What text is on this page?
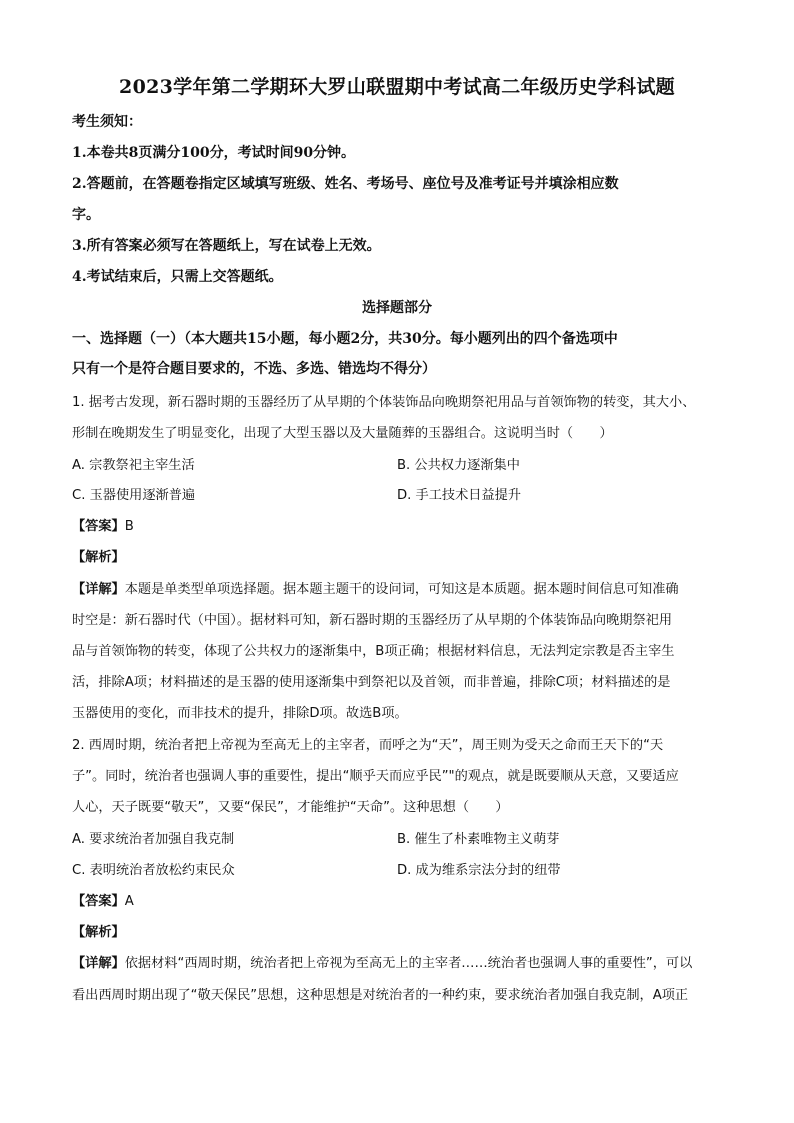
2023学年第二学期环大罗山联盟期中考试高二年级历史学科试题
考生须知：
1.本卷共8页满分100分，考试时间90分钟。
2.答题前，在答题卷指定区域填写班级、姓名、考场号、座位号及准考证号并填涂相应数
字。
3.所有答案必须写在答题纸上，写在试卷上无效。
4.考试结束后，只需上交答题纸。
选择题部分
一、选择题（一）（本大题共15小题，每小题2分，共30分。每小题列出的四个备选项中
只有一个是符合题目要求的，不选、多选、错选均不得分）
1. 据考古发现，新石器时期的玉器经历了从早期的个体装饰品向晚期祭祀用品与首领饰物的转变，其大小、
形制在晚期发生了明显变化，出现了大型玉器以及大量随葬的玉器组合。这说明当时（　　）
A. 宗教祭祀主宰生活	B. 公共权力逐渐集中
C. 玉器使用逐渐普遍	D. 手工技术日益提升
【答案】B
【解析】
【详解】本题是单类型单项选择题。据本题主题干的设问词，可知这是本质题。据本题时间信息可知准确
时空是：新石器时代（中国）。据材料可知，新石器时期的玉器经历了从早期的个体装饰品向晚期祭祀用
品与首领饰物的转变，体现了公共权力的逐渐集中，B项正确；根据材料信息，无法判定宗教是否主宰生
活，排除A项；材料描述的是玉器的使用逐渐集中到祭祀以及首领，而非普遍，排除C项；材料描述的是
玉器使用的变化，而非技术的提升，排除D项。故选B项。
2. 西周时期，统治者把上帝视为至高无上的主宰者，而呼之为“天”，周王则为受天之命而王天下的“天
子”。同时，统治者也强调人事的重要性，提出“顺乎天而应乎民”"的观点，就是既要顺从天意，又要适应
人心，天子既要“敬天”，又要“保民”，才能维护“天命”。这种思想（　　）
A. 要求统治者加强自我克制	B. 催生了朴素唯物主义萌芽
C. 表明统治者放松约束民众	D. 成为维系宗法分封的纽带
【答案】A
【解析】
【详解】依据材料“西周时期，统治者把上帝视为至高无上的主宰者……统治者也强调人事的重要性”，可以
看出西周时期出现了“敬天保民”思想，这种思想是对统治者的一种约束，要求统治者加强自我克制，A项正
